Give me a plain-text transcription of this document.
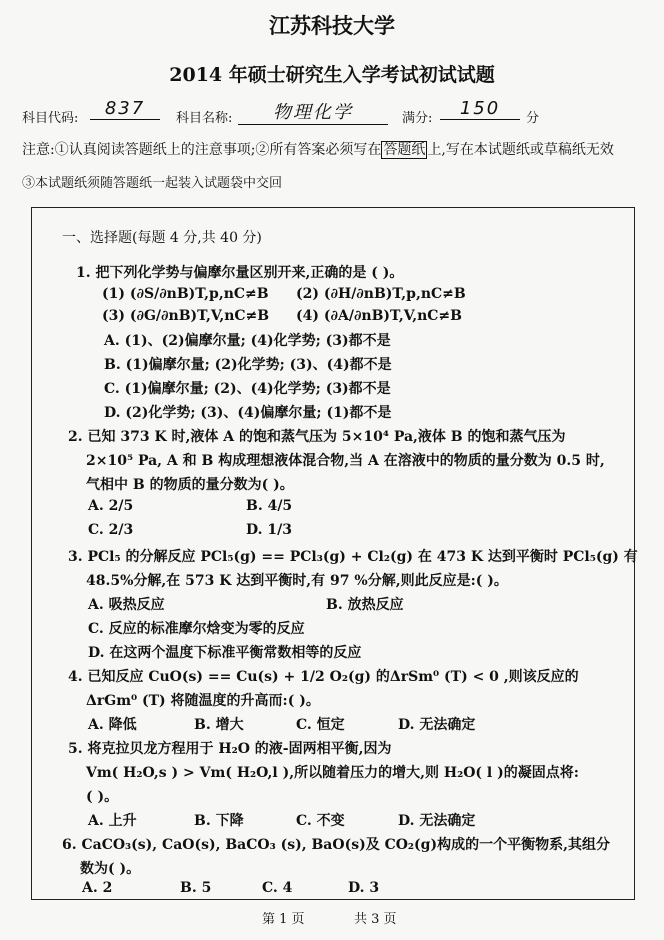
江苏科技大学
2014 年硕士研究生入学考试初试试题
科目代码:	837	科目名称:	物理化学	满分:	150	分
注意:①认真阅读答题纸上的注意事项;②所有答案必须写在 答题纸 上,写在本试题纸或草稿纸无效
③本试题纸须随答题纸一起装入试题袋中交回
一、选择题(每题 4 分,共 40 分)
1. 把下列化学势与偏摩尔量区别开来,正确的是 ( )。
(1) (∂S/∂nB)T,p,nC≠B (2) (∂H/∂nB)T,p,nC≠B
(3) (∂G/∂nB)T,V,nC≠B (4) (∂A/∂nB)T,V,nC≠B
A. (1)、(2)偏摩尔量; (4)化学势; (3)都不是
B. (1)偏摩尔量; (2)化学势; (3)、(4)都不是
C. (1)偏摩尔量; (2)、(4)化学势; (3)都不是
D. (2)化学势; (3)、(4)偏摩尔量; (1)都不是
2. 已知 373 K 时,液体 A 的饱和蒸气压为 5×10⁴ Pa,液体 B 的饱和蒸气压为
2×10⁵ Pa, A 和 B 构成理想液体混合物,当 A 在溶液中的物质的量分数为 0.5 时,
气相中 B 的物质的量分数为( )。
A. 2/5	B. 4/5
C. 2/3	D. 1/3
3. PCl₅ 的分解反应 PCl₅(g) == PCl₃(g) + Cl₂(g) 在 473 K 达到平衡时 PCl₅(g) 有
48.5%分解,在 573 K 达到平衡时,有 97 %分解,则此反应是:( )。
A. 吸热反应	B. 放热反应
C. 反应的标准摩尔焓变为零的反应
D. 在这两个温度下标准平衡常数相等的反应
4. 已知反应 CuO(s) == Cu(s) + 1/2 O₂(g) 的ΔrSm⁰ (T) < 0 ,则该反应的
ΔrGm⁰ (T) 将随温度的升高而:( )。
A. 降低	B. 增大	C. 恒定	D. 无法确定
5. 将克拉贝龙方程用于 H₂O 的液-固两相平衡,因为
Vm( H₂O,s ) > Vm( H₂O,l ),所以随着压力的增大,则 H₂O( l )的凝固点将:
( )。
A. 上升	B. 下降	C. 不变	D. 无法确定
6. CaCO₃(s), CaO(s), BaCO₃ (s), BaO(s)及 CO₂(g)构成的一个平衡物系,其组分
数为( )。
A. 2	B. 5	C. 4	D. 3
第 1 页	共 3 页
